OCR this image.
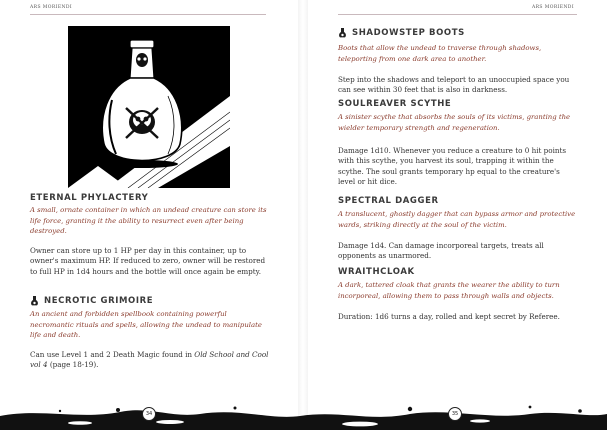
ARS MORIENDI
ETERNAL PHYLACTERY

A small, ornate container in which an undead creature can store its life force, granting it the ability to resurrect even after being destroyed.

Owner can store up to 1 HP per day in this container, up to owner's maximum HP. If reduced to zero, owner will be restored to full HP in 1d4 hours and the bottle will once again be empty.

NECROTIC GRIMOIRE

An ancient and forbidden spellbook containing powerful necromantic rituals and spells, allowing the undead to manipulate life and death.

Can use Level 1 and 2 Death Magic found in Old School and Cool vol 4 (page 18-19).

ARS MORIENDI
SHADOWSTEP BOOTS

Boots that allow the undead to traverse through shadows, teleporting from one dark area to another.

Step into the shadows and teleport to an unoccupied space you can see within 30 feet that is also in darkness.

SOULREAVER SCYTHE

A sinister scythe that absorbs the souls of its victims, granting the wielder temporary strength and regeneration.

Damage 1d10. Whenever you reduce a creature to 0 hit points with this scythe, you harvest its soul, trapping it within the scythe. The soul grants temporary hp equal to the creature's level or hit dice.

SPECTRAL DAGGER

A translucent, ghostly dagger that can bypass armor and protective wards, striking directly at the soul of the victim.

Damage 1d4. Can damage incorporeal targets, treats all opponents as unarmored.

WRAITHCLOAK

A dark, tattered cloak that grants the wearer the ability to turn incorporeal, allowing them to pass through walls and objects.

Duration: 1d6 turns a day, rolled and kept secret by Referee.

34	35
